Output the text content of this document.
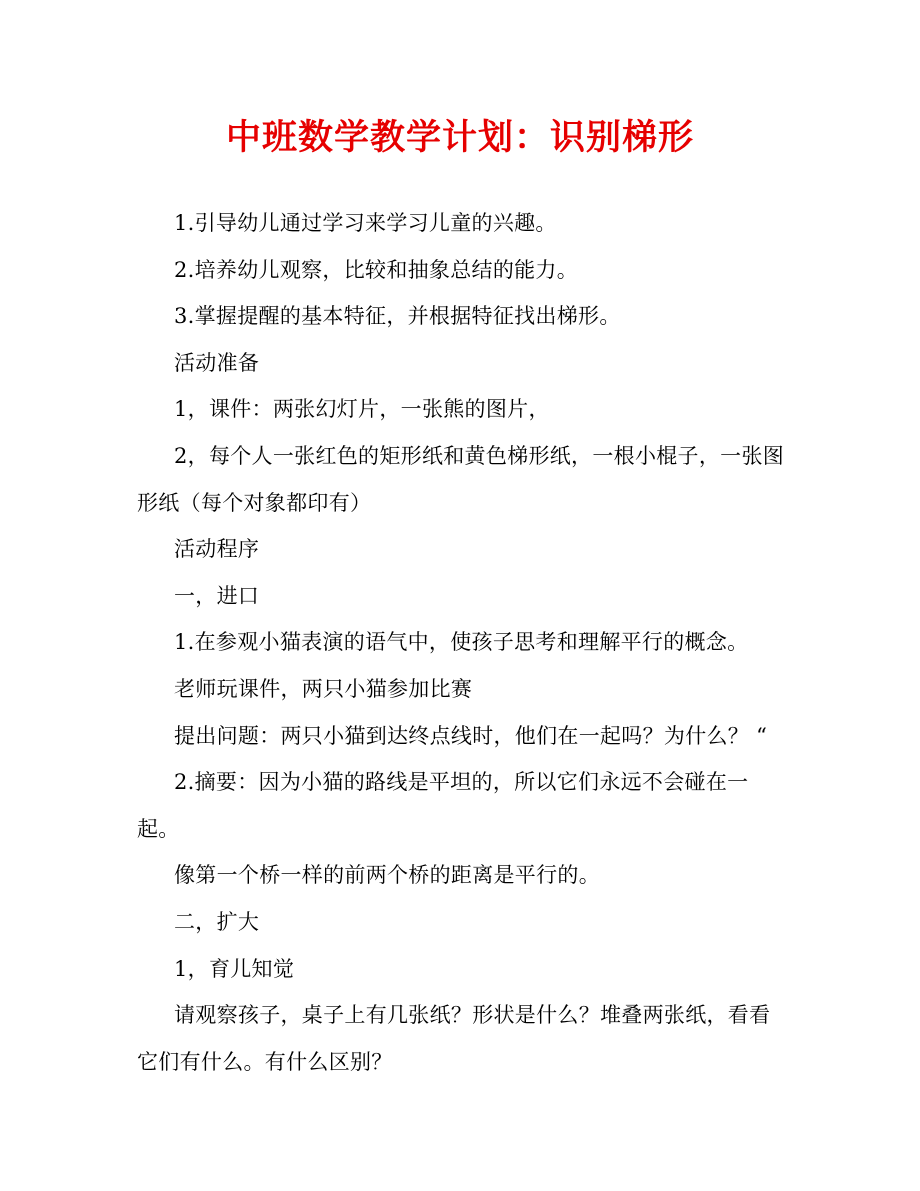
中班数学教学计划：识别梯形

1.引导幼儿通过学习来学习儿童的兴趣。

2.培养幼儿观察，比较和抽象总结的能力。

3.掌握提醒的基本特征，并根据特征找出梯形。

活动准备

1，课件：两张幻灯片，一张熊的图片，

2，每个人一张红色的矩形纸和黄色梯形纸，一根小棍子，一张图形纸（每个对象都印有）

活动程序

一，进口

1.在参观小猫表演的语气中，使孩子思考和理解平行的概念。

老师玩课件，两只小猫参加比赛

提出问题：两只小猫到达终点线时，他们在一起吗？为什么？ “

2.摘要：因为小猫的路线是平坦的，所以它们永远不会碰在一起。

像第一个桥一样的前两个桥的距离是平行的。

二，扩大

1，育儿知觉

请观察孩子，桌子上有几张纸？形状是什么？堆叠两张纸，看看它们有什么。有什么区别？
